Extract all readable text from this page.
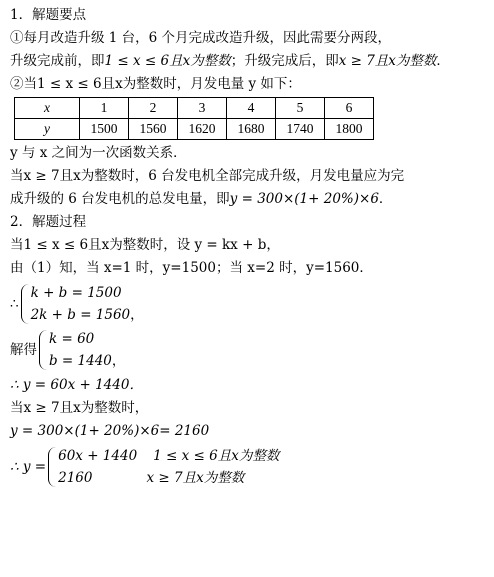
1．解题要点
①每月改造升级 1 台，6 个月完成改造升级，因此需要分两段，
升级完成前，即1 ≤ x ≤ 6且x为整数；升级完成后，即x ≥ 7且x为整数．
②当1 ≤ x ≤ 6且x为整数时，月发电量 y 如下：
x	1	2	3	4	5	6
y	1500	1560	1620	1680	1740	1800
y 与 x 之间为一次函数关系．
当x ≥ 7且x为整数时，6 台发电机全部完成升级，月发电量应为完
成升级的 6 台发电机的总发电量，即y = 300×(1+ 20%)×6．
2．解题过程
当1 ≤ x ≤ 6且x为整数时，设 y = kx + b，
由（1）知，当 x=1 时，y=1500；当 x=2 时，y=1560．
∴
k + b = 1500
2k + b = 1560，
解得
k = 60
b = 1440，
∴ y = 60x + 1440．
当x ≥ 7且x为整数时，
y = 300×(1+ 20%)×6= 2160
∴ y =
60x + 1440 1 ≤ x ≤ 6且x为整数
2160	x ≥ 7且x为整数
